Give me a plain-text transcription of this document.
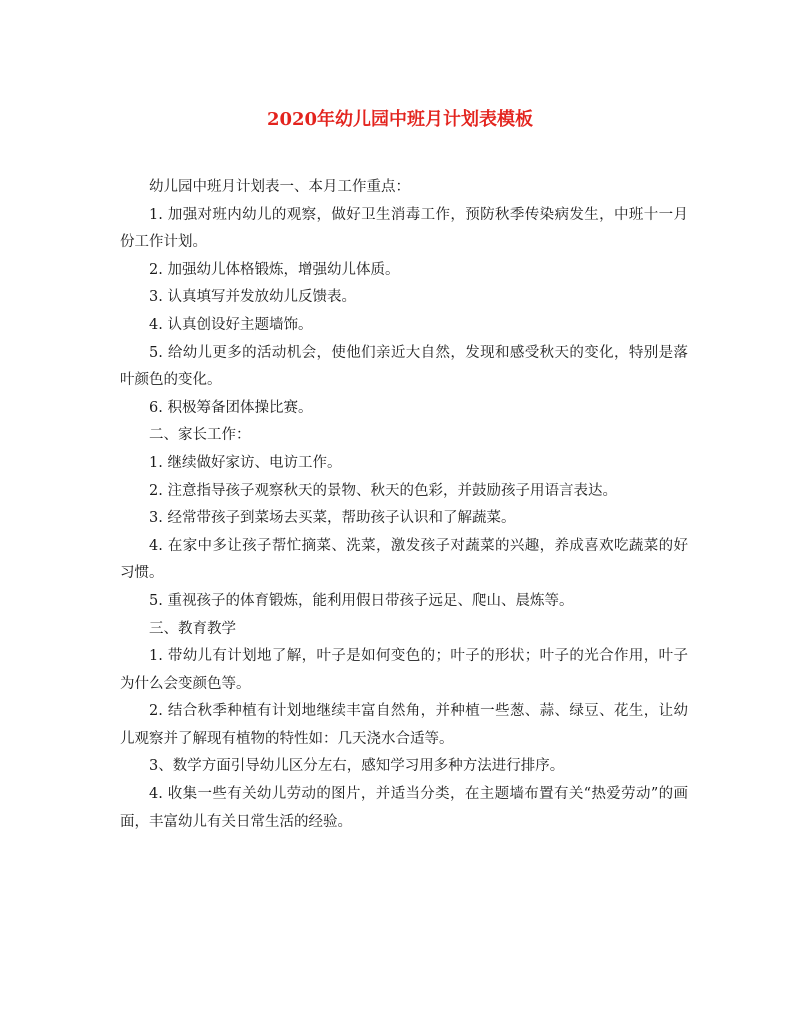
2020年幼儿园中班月计划表模板

幼儿园中班月计划表一、本月工作重点：

1. 加强对班内幼儿的观察，做好卫生消毒工作，预防秋季传染病发生，中班十一月份工作计划。

2. 加强幼儿体格锻炼，增强幼儿体质。

3. 认真填写并发放幼儿反馈表。

4. 认真创设好主题墙饰。

5. 给幼儿更多的活动机会，使他们亲近大自然，发现和感受秋天的变化，特别是落叶颜色的变化。

6. 积极筹备团体操比赛。

二、家长工作：

1. 继续做好家访、电访工作。

2. 注意指导孩子观察秋天的景物、秋天的色彩，并鼓励孩子用语言表达。

3. 经常带孩子到菜场去买菜，帮助孩子认识和了解蔬菜。

4. 在家中多让孩子帮忙摘菜、洗菜，激发孩子对蔬菜的兴趣，养成喜欢吃蔬菜的好习惯。

5. 重视孩子的体育锻炼，能利用假日带孩子远足、爬山、晨炼等。

三、教育教学

1. 带幼儿有计划地了解，叶子是如何变色的；叶子的形状；叶子的光合作用，叶子为什么会变颜色等。

2. 结合秋季种植有计划地继续丰富自然角，并种植一些葱、蒜、绿豆、花生，让幼儿观察并了解现有植物的特性如：几天浇水合适等。

3、数学方面引导幼儿区分左右，感知学习用多种方法进行排序。

4. 收集一些有关幼儿劳动的图片，并适当分类，在主题墙布置有关“热爱劳动”的画面，丰富幼儿有关日常生活的经验。
